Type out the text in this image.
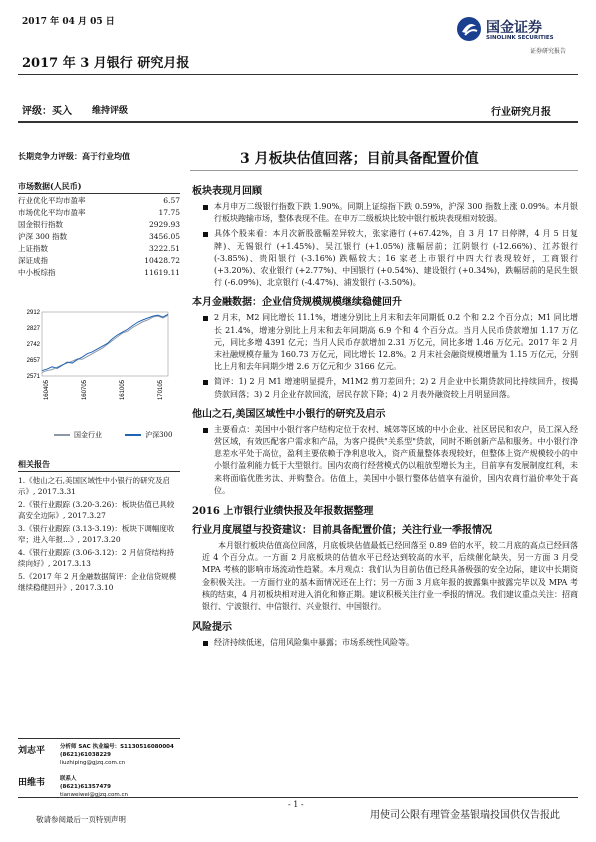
2017 年 04 月 05 日
2017 年 3 月银行 研究月报
国金证券
SINOLINK SECURITIES
证券研究报告
评级：买入 维持评级	行业研究月报
长期竞争力评级：高于行业均值
市场数据(人民币)
行业优化平均市盈率	6.57
市场优化平均市盈率	17.75
国金银行指数	2929.93
沪深 300 指数	3456.05
上证指数	3222.51
深证成指	10428.72
中小板综指	11619.11
2571
2657
2742
2827
2912
160405	160705	161005	170105
国金行业
	沪深300
相关报告
1.《他山之石,美国区域性中小银行的研究及启示》, 2017.3.31
2.《银行业跟踪 (3.20-3.26)：板块估值已具较高安全边际》, 2017.3.27
3.《银行业跟踪 (3.13-3.19)：板块下调幅度收窄；进入年报...》, 2017.3.20
4.《银行业跟踪 (3.06-3.12)：2 月信贷结构持续向好》, 2017.3.13
5.《2017 年 2 月金融数据简评：企业信贷规模继续稳健回升》, 2017.3.10
刘志平	分析师 SAC 执业编号：S1130516080004
(8621)61038229
liuzhiping@gjzq.com.cn
田维韦	联系人
(8621)61357479
tianweiwei@gjzq.com.cn
3 月板块估值回落；目前具备配置价值
板块表现月回顾
本月申万二级银行指数下跌 1.90%。同期上证综指下跌 0.59%，沪深 300 指数上涨 0.09%。本月银行板块跑输市场，整体表现不佳。在申万二级板块比较中银行板块表现相对较弱。
具体个股来看：本月次新股涨幅差异较大，张家港行 (+67.42%，自 3 月 17 日停牌，4 月 5 日复牌)、无锡银行 (+1.45%)、吴江银行 (+1.05%) 涨幅居前；江阴银行 (-12.66%)、江苏银行 (-3.85%)、贵阳银行 (-3.16%) 跌幅较大；16 家老上市银行中四大行表现较好，工商银行 (+3.20%)、农业银行 (+2.77%)、中国银行 (+0.54%)、建设银行 (+0.34%)，跌幅居前的是民生银行 (-6.09%)、北京银行 (-4.47%)、浦发银行 (-3.50%)。
本月金融数据：企业信贷规模规模继续稳健回升
2 月末，M2 同比增长 11.1%，增速分别比上月末和去年同期低 0.2 个和 2.2 个百分点；M1 同比增长 21.4%，增速分别比上月末和去年同期高 6.9 个和 4 个百分点。当月人民币贷款增加 1.17 万亿元，同比多增 4391 亿元；当月人民币存款增加 2.31 万亿元，同比多增 1.46 万亿元。2017 年 2 月末社融规模存量为 160.73 万亿元，同比增长 12.8%。2 月末社会融资规模增量为 1.15 万亿元，分别比上月和去年同期少增 2.6 万亿元和少 3166 亿元。
简评：1) 2 月 M1 增速明显提升，M1M2 剪刀差回升；2) 2 月企业中长期贷款同比持续回升，按揭贷款回落；3) 2 月企业存款回流，居民存款下降；4) 2 月表外融资较上月明显回落。
他山之石,美国区域性中小银行的研究及启示
主要看点：美国中小银行客户结构定位于农村、城郊等区域的中小企业、社区居民和农户，员工深入经营区域，有效匹配客户需求和产品，为客户提供"关系型"贷款，同时不断创新产品和服务。中小银行净息差水平处于高位，盈利主要依赖于净利息收入，资产质量整体表现较好，但整体上资产规模较小的中小银行盈利能力低于大型银行。国内农商行经营模式仍以粗放型增长为主，目前享有发展制度红利，未来将面临优胜劣汰、并购整合。估值上，美国中小银行整体估值享有溢价，国内农商行溢价率处于高位。
2016 上市银行业绩快报及年报数据整理
行业月度展望与投资建议：目前具备配置价值；关注行业一季报情况
本月银行板块估值高位回落，月底板块估值最低已经回落至 0.89 倍的水平，较二月底的高点已经回落近 4 个百分点。一方面 2 月底板块的估值水平已经达到较高的水平，后续催化缺失，另一方面 3 月受 MPA 考核的影响市场流动性趋紧。本月观点：我们认为目前估值已经具备极强的安全边际，建议中长期资金积极关注。一方面行业的基本面情况还在上行；另一方面 3 月底年报的披露集中披露完毕以及 MPA 考核的结束，4 月初板块相对进入消化和修正期。建议积极关注行业一季报的情况。我们建议重点关注：招商银行、宁波银行、中信银行、兴业银行、中国银行。
风险提示
经济持续低迷，信用风险集中暴露；市场系统性风险等。
- 1 -
敬请参阅最后一页特别声明	用使司公限有理管金基银瑞投国供仅告报此
